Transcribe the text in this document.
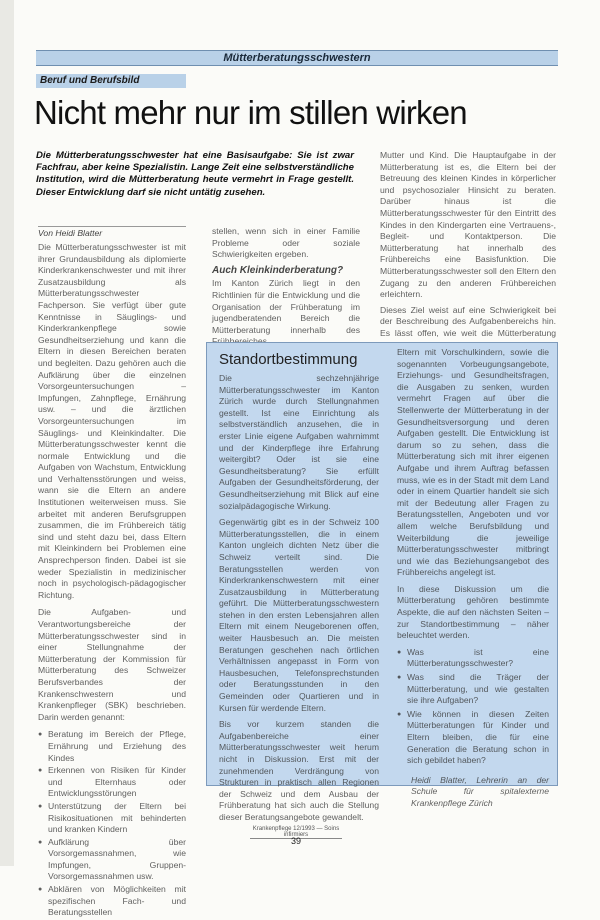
Mütterberatungsschwestern
Beruf und Berufsbild
Nicht mehr nur im stillen wirken
Die Mütterberatungsschwester hat eine Basisaufgabe: Sie ist zwar Fachfrau, aber keine Spezialistin. Lange Zeit eine selbstverständliche Institution, wird die Mütterberatung heute vermehrt in Frage gestellt. Dieser Entwicklung darf sie nicht untätig zusehen.
Von Heidi Blatter

Die Mütterberatungsschwester ist mit ihrer Grundausbildung als diplomierte Kinderkrankenschwester und mit ihrer Zusatzausbildung als Mütterberatungsschwester Fachperson. Sie verfügt über gute Kenntnisse in Säuglings- und Kinderkrankenpflege sowie Gesundheitserziehung und kann die Eltern in diesen Bereichen beraten und begleiten. Dazu gehören auch die Aufklärung über die einzelnen Vorsorgeuntersuchungen – Impfungen, Zahnpflege, Ernährung usw. – und die ärztlichen Vorsorgeuntersuchungen im Säuglings- und Kleinkindalter. Die Mütterberatungsschwester kennt die normale Entwicklung und die Aufgaben von Wachstum, Entwicklung und Verhaltensstörungen und weiss, wann sie die Eltern an andere Institutionen weiterweisen muss. Sie arbeitet mit anderen Berufsgruppen zusammen, die im Frühbereich tätig sind und steht dazu bei, dass Eltern mit Kleinkindern bei Problemen eine Ansprechperson finden. Dabei ist sie weder Spezialistin in medizinischer noch in psychologisch-pädagogischer Richtung.

Die Aufgaben- und Verantwortungsbereiche der Mütterberatungsschwester sind in einer Stellungnahme der Mütterberatung der Kommission für Mütterberatung des Schweizer Berufsverbandes der Krankenschwestern und Krankenpfleger (SBK) beschrieben. Darin werden genannt:

● Beratung im Bereich der Pflege, Ernährung und Erziehung des Kindes
● Erkennen von Risiken für Kinder und Elternhaus oder Entwicklungsstörungen
● Unterstützung der Eltern bei Risikosituationen mit behinderten und kranken Kindern
● Aufklärung über Vorsorgemassnahmen, wie Impfungen, Gruppen-Vorsorgemassnahmen usw.
● Abklären von Möglichkeiten mit spezifischen Fach- und Beratungsstellen

stellen, wenn sich in einer Familie Probleme oder soziale Schwierigkeiten ergeben.

Auch Kleinkinderberatung?

Im Kanton Zürich liegt in den Richtlinien für die Entwicklung und die Organisation der Frühberatung im jugendberatenden Bereich die Mütterberatung innerhalb des

Mutter und Kind. Die Hauptaufgabe in der Mütterberatung ist es, die Eltern bei der Betreuung des kleinen Kindes in körperlicher und psychosozialer Hinsicht zu beraten. Darüber hinaus ist die Mütterberatungsschwester für den Eintritt des Kindes in den Kindergarten eine Vertrauens-, Begleit- und Kontaktperson. Die Mütterberatung hat innerhalb des Frühbereichs eine Basisfunktion. Die Mütterberatungsschwester soll den Eltern den Zugang zu den anderen Frühbereichen erleichtern.

Dieses Ziel weist auf eine Schwierigkeit bei der Beschreibung des Aufgabenbereichs hin. Es lässt offen, wie weit die Mütterberatung

Standortbestimmung

Die sechzehnjährige Mütterberatungsschwester im Kanton Zürich wurde durch Stellungnahmen gestellt. Ist eine Einrichtung als selbstverständlich anzusehen, die in erster Linie eigene Aufgaben wahrnimmt und der Kinderpflege ihre Erfahrung weitergibt? Oder ist sie eine Gesundheitsberatung? Sie erfüllt Aufgaben der Gesundheitsförderung, der Gesundheitserziehung mit Blick auf eine sozialpädagogische Wirkung.

Gegenwärtig gibt es in der Schweiz 100 Mütterberatungsstellen, die in einem Kanton ungleich dichten Netz über die Schweiz verteilt sind. Die Beratungsstellen werden von Kinderkrankenschwestern mit einer Zusatzausbildung in Mütterberatung geführt. Die Mütterberatungsschwestern stehen in den ersten Lebensjahren allen Eltern mit einem Neugeborenen offen, weiter Hausbesuch an. Die meisten Beratungen geschehen nach örtlichen Verhältnissen angepasst in Form von Hausbesuchen, Telefonsprechstunden oder Beratungsstunden in den Gemeinden oder Quartieren und in Kursen für werdende Eltern.

Bis vor kurzem standen die Aufgabenbereiche einer Mütterberatungsschwester weit herum nicht in Diskussion. Erst mit der zunehmenden Verdrängung von Strukturen in praktisch allen Regionen der Schweiz und dem Ausbau der Frühberatung hat sich auch die Stellung dieser Beratungsangebote gewandelt.

Eltern mit Vorschulkindern, sowie die sogenannten Vorbeugungsangebote, Erziehungs- und Gesundheitsfragen, die Ausgaben zu senken, wurden vermehrt Fragen auf über die Stellenwerte der Mütterberatung in der Gesundheitsversorgung und deren Aufgaben gestellt. Die Entwicklung ist darum so zu sehen, dass die Mütterberatung sich mit ihrer eigenen Aufgabe und ihrem Auftrag befassen muss, wie es in der Stadt mit dem Land oder in einem Quartier handelt sie sich mit der Bedeutung aller Fragen zu Beratungsstellen, Angeboten und vor allem welche Berufsbildung und Weiterbildung die jeweilige Mütterberatungsschwester mitbringt und wie das Beziehungsangebot des Frühbereichs angelegt ist.

In diese Diskussion um die Mütterberatung gehören bestimmte Aspekte, die auf den nächsten Seiten – zur Standortbestimmung – näher beleuchtet werden.

● Was ist eine Mütterberatungsschwester?
● Was sind die Träger der Mütterberatung, und wie gestalten sie ihre Aufgaben?
● Wie können in diesen Zeiten Mütterberatungen für Kinder und Eltern bleiben, die für eine Generation die Beratung schon in sich gebildet haben?
Heidi Blatter, Lehrerin an der Schule für spitalexterne Krankenpflege Zürich
Krankenpflege 12/1993 — Soins infirmiers
39
